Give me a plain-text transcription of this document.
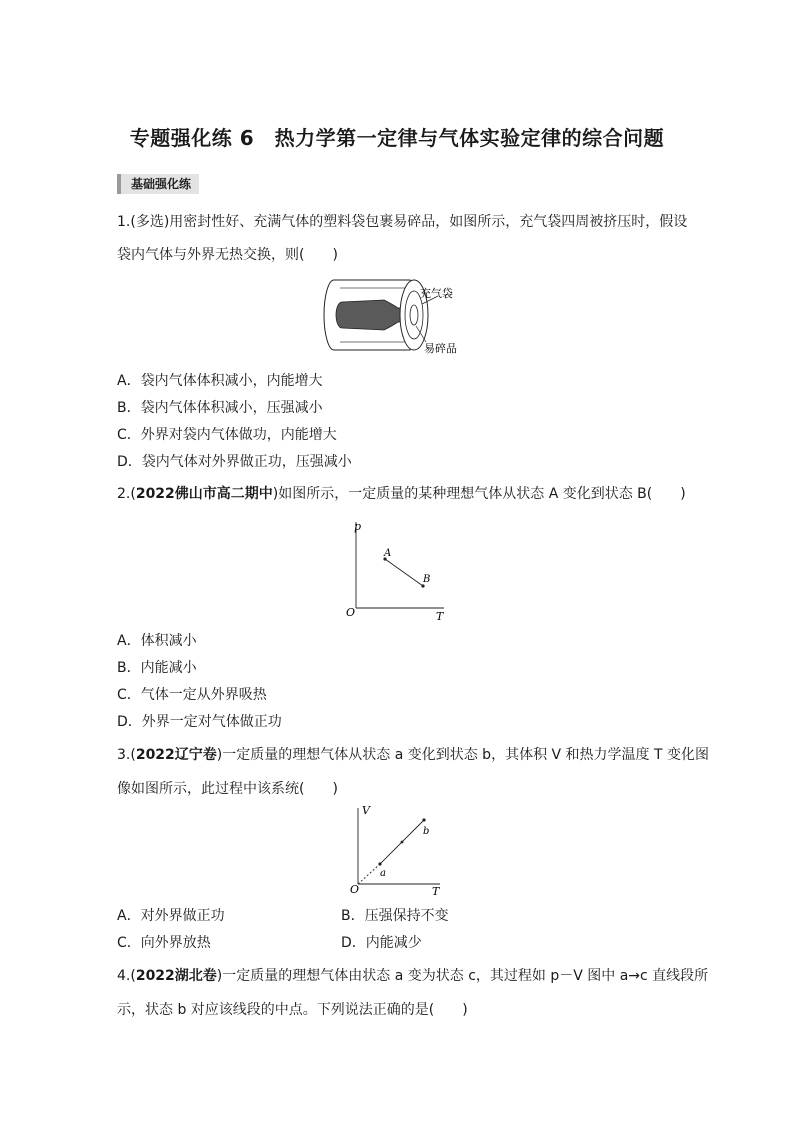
专题强化练 6　热力学第一定律与气体实验定律的综合问题
基础强化练
1.(多选)用密封性好、充满气体的塑料袋包裹易碎品，如图所示，充气袋四周被挤压时，假设
袋内气体与外界无热交换，则(　　)
充气袋
易碎品
A．袋内气体体积减小，内能增大
B．袋内气体体积减小，压强减小
C．外界对袋内气体做功，内能增大
D．袋内气体对外界做正功，压强减小
2.(2022佛山市高二期中)如图所示，一定质量的某种理想气体从状态 A 变化到状态 B(　　)
p
T
O
A
B
A．体积减小
B．内能减小
C．气体一定从外界吸热
D．外界一定对气体做正功
3.(2022辽宁卷)一定质量的理想气体从状态 a 变化到状态 b，其体积 V 和热力学温度 T 变化图
像如图所示，此过程中该系统(　　)
V
T
O
a
b
A．对外界做正功	B．压强保持不变
C．向外界放热	D．内能减少
4.(2022湖北卷)一定质量的理想气体由状态 a 变为状态 c，其过程如 p－V 图中 a→c 直线段所
示，状态 b 对应该线段的中点。下列说法正确的是(　　)
